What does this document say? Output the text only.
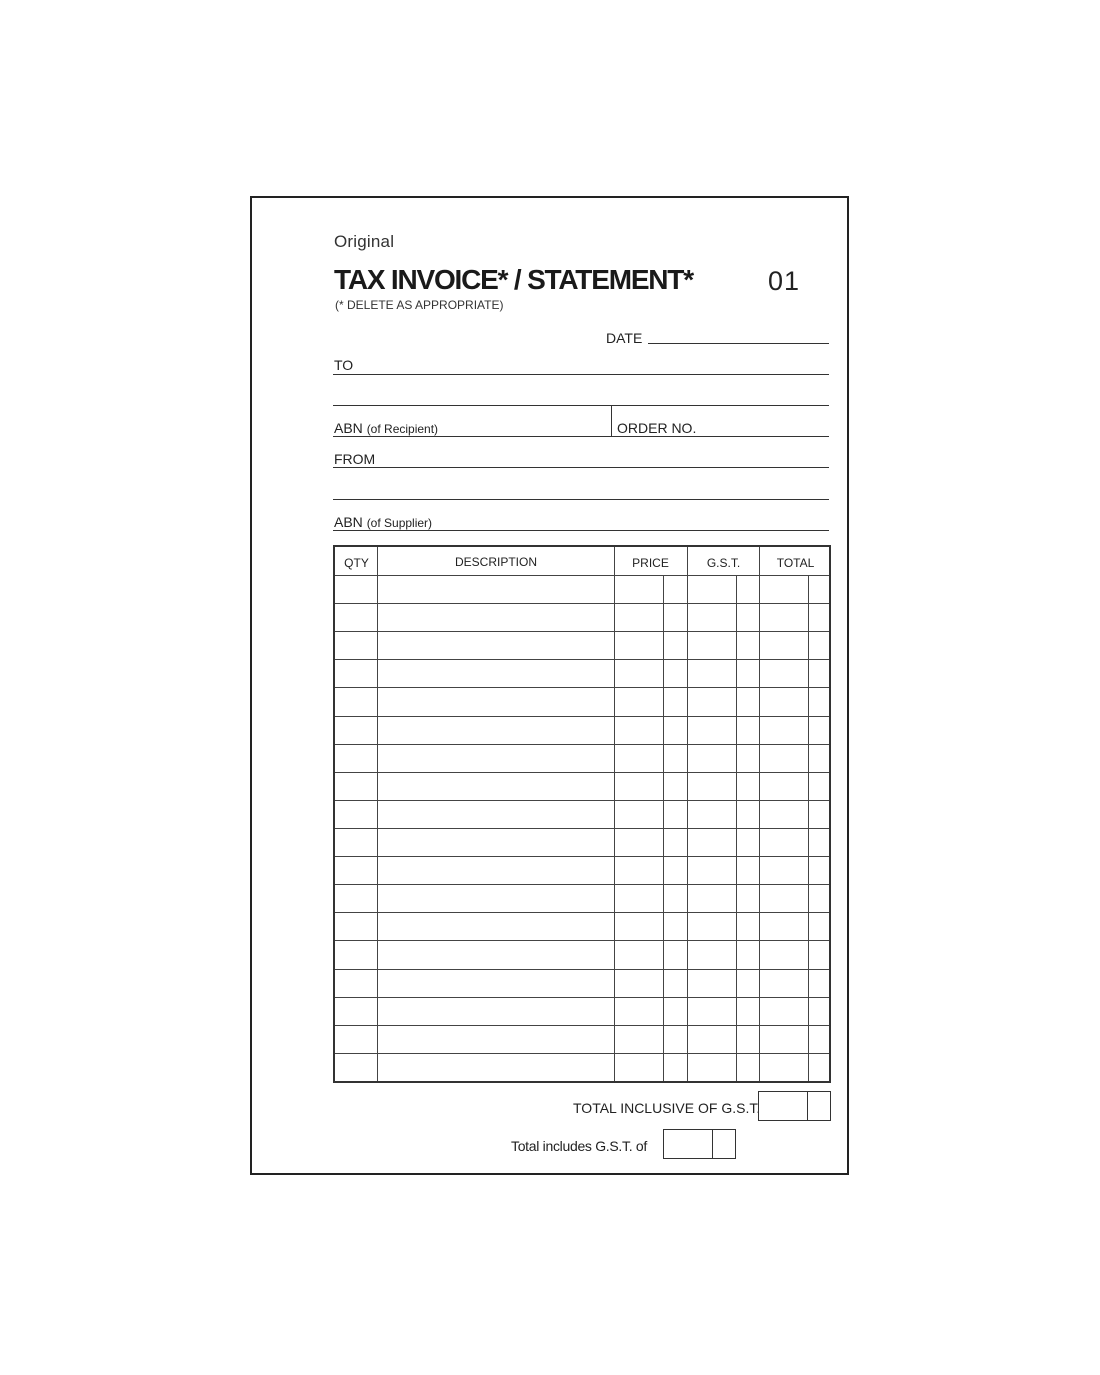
Original
TAX INVOICE* / STATEMENT*	01
(* DELETE AS APPROPRIATE)
DATE
TO
ABN (of Recipient)	ORDER NO.
FROM
ABN (of Supplier)
QTY	DESCRIPTION	PRICE	G.S.T.	TOTAL
TOTAL INCLUSIVE OF G.S.T.
Total includes G.S.T. of
